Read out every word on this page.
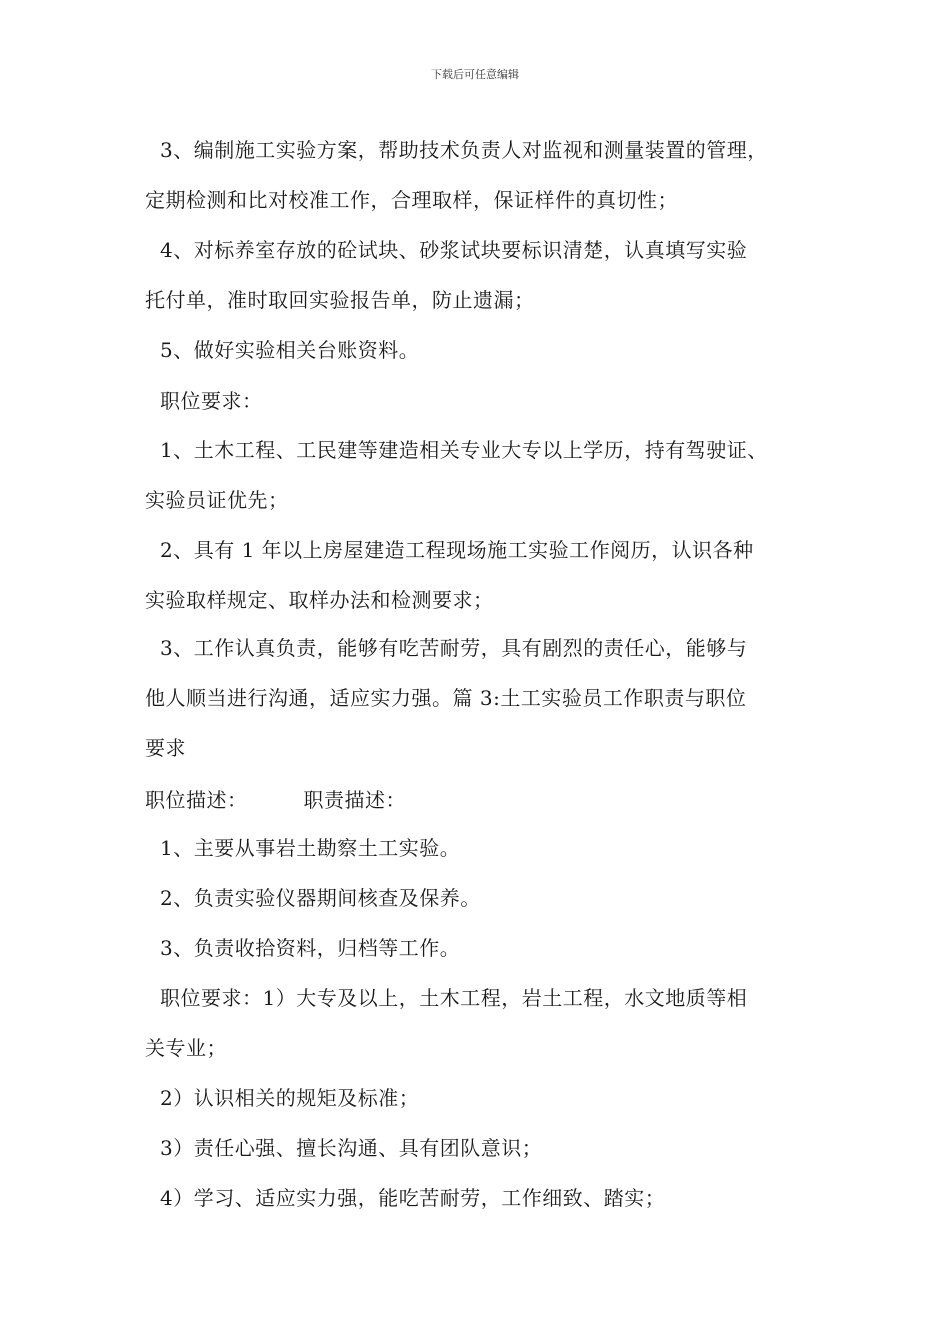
下载后可任意编辑
3、编制施工实验方案，帮助技术负责人对监视和测量装置的管理，
定期检测和比对校准工作，合理取样，保证样件的真切性；
4、对标养室存放的砼试块、砂浆试块要标识清楚，认真填写实验
托付单，准时取回实验报告单，防止遗漏；
5、做好实验相关台账资料。
职位要求：
1、土木工程、工民建等建造相关专业大专以上学历，持有驾驶证、
实验员证优先；
2、具有 1 年以上房屋建造工程现场施工实验工作阅历，认识各种
实验取样规定、取样办法和检测要求；
3、工作认真负责，能够有吃苦耐劳，具有剧烈的责任心，能够与
他人顺当进行沟通，适应实力强。篇 3:土工实验员工作职责与职位
要求
职位描述：	职责描述：
1、主要从事岩土勘察土工实验。
2、负责实验仪器期间核查及保养。
3、负责收拾资料，归档等工作。
职位要求：1）大专及以上，土木工程，岩土工程，水文地质等相
关专业；
2）认识相关的规矩及标准；
3）责任心强、擅长沟通、具有团队意识；
4）学习、适应实力强，能吃苦耐劳，工作细致、踏实；
